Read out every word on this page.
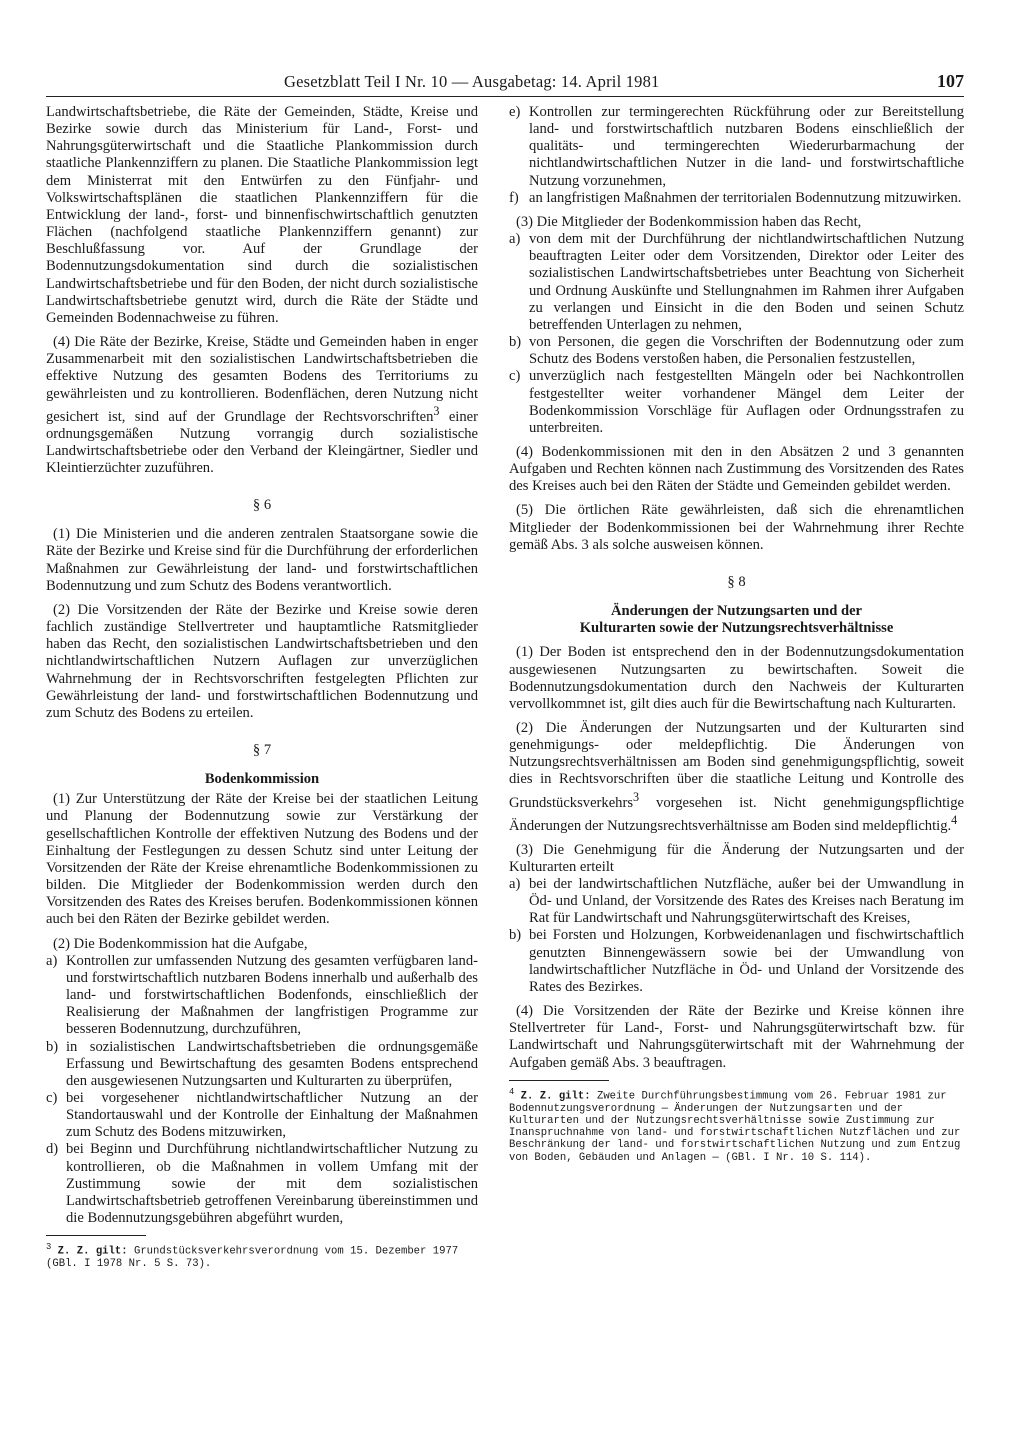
Gesetzblatt Teil I Nr. 10 — Ausgabetag: 14. April 1981	107

Landwirtschaftsbetriebe, die Räte der Gemeinden, Städte, Kreise und Bezirke sowie durch das Ministerium für Land-, Forst- und Nahrungsgüterwirtschaft und die Staatliche Plankommission durch staatliche Plankennziffern zu planen. Die Staatliche Plankommission legt dem Ministerrat mit den Entwürfen zu den Fünfjahr- und Volkswirtschaftsplänen die staatlichen Plankennziffern für die Entwicklung der land-, forst- und binnenfischwirtschaftlich genutzten Flächen (nachfolgend staatliche Plankennziffern genannt) zur Beschlußfassung vor. Auf der Grundlage der Bodennutzungsdokumentation sind durch die sozialistischen Landwirtschaftsbetriebe und für den Boden, der nicht durch sozialistische Landwirtschaftsbetriebe genutzt wird, durch die Räte der Städte und Gemeinden Bodennachweise zu führen.

(4) Die Räte der Bezirke, Kreise, Städte und Gemeinden haben in enger Zusammenarbeit mit den sozialistischen Landwirtschaftsbetrieben die effektive Nutzung des gesamten Bodens des Territoriums zu gewährleisten und zu kontrollieren. Bodenflächen, deren Nutzung nicht gesichert ist, sind auf der Grundlage der Rechtsvorschriften$^3$ einer ordnungsgemäßen Nutzung vorrangig durch sozialistische Landwirtschaftsbetriebe oder den Verband der Kleingärtner, Siedler und Kleintierzüchter zuzuführen.

§ 6

(1) Die Ministerien und die anderen zentralen Staatsorgane sowie die Räte der Bezirke und Kreise sind für die Durchführung der erforderlichen Maßnahmen zur Gewährleistung der land- und forstwirtschaftlichen Bodennutzung und zum Schutz des Bodens verantwortlich.

(2) Die Vorsitzenden der Räte der Bezirke und Kreise sowie deren fachlich zuständige Stellvertreter und hauptamtliche Ratsmitglieder haben das Recht, den sozialistischen Landwirtschaftsbetrieben und den nichtlandwirtschaftlichen Nutzern Auflagen zur unverzüglichen Wahrnehmung der in Rechtsvorschriften festgelegten Pflichten zur Gewährleistung der land- und forstwirtschaftlichen Bodennutzung und zum Schutz des Bodens zu erteilen.

§ 7

Bodenkommission

(1) Zur Unterstützung der Räte der Kreise bei der staatlichen Leitung und Planung der Bodennutzung sowie zur Verstärkung der gesellschaftlichen Kontrolle der effektiven Nutzung des Bodens und der Einhaltung der Festlegungen zu dessen Schutz sind unter Leitung der Vorsitzenden der Räte der Kreise ehrenamtliche Bodenkommissionen zu bilden. Die Mitglieder der Bodenkommission werden durch den Vorsitzenden des Rates des Kreises berufen. Bodenkommissionen können auch bei den Räten der Bezirke gebildet werden.

(2) Die Bodenkommission hat die Aufgabe,

a) Kontrollen zur umfassenden Nutzung des gesamten verfügbaren land- und forstwirtschaftlich nutzbaren Bodens innerhalb und außerhalb des land- und forstwirtschaftlichen Bodenfonds, einschließlich der Realisierung der Maßnahmen der langfristigen Programme zur besseren Bodennutzung, durchzuführen,
b) in sozialistischen Landwirtschaftsbetrieben die ordnungsgemäße Erfassung und Bewirtschaftung des gesamten Bodens entsprechend den ausgewiesenen Nutzungsarten und Kulturarten zu überprüfen,
c) bei vorgesehener nichtlandwirtschaftlicher Nutzung an der Standortauswahl und der Kontrolle der Einhaltung der Maßnahmen zum Schutz des Bodens mitzuwirken,
d) bei Beginn und Durchführung nichtlandwirtschaftlicher Nutzung zu kontrollieren, ob die Maßnahmen in vollem Umfang mit der Zustimmung sowie der mit dem sozialistischen Landwirtschaftsbetrieb getroffenen Vereinbarung übereinstimmen und die Bodennutzungsgebühren abgeführt wurden,

$^3$ Z. Z. gilt: Grundstücksverkehrsverordnung vom 15. Dezember 1977 (GBl. I 1978 Nr. 5 S. 73).

e) Kontrollen zur termingerechten Rückführung oder zur Bereitstellung land- und forstwirtschaftlich nutzbaren Bodens einschließlich der qualitäts- und termingerechten Wiederurbarmachung der nichtlandwirtschaftlichen Nutzer in die land- und forstwirtschaftliche Nutzung vorzunehmen,
f) an langfristigen Maßnahmen der territorialen Bodennutzung mitzuwirken.

(3) Die Mitglieder der Bodenkommission haben das Recht,

a) von dem mit der Durchführung der nichtlandwirtschaftlichen Nutzung beauftragten Leiter oder dem Vorsitzenden, Direktor oder Leiter des sozialistischen Landwirtschaftsbetriebes unter Beachtung von Sicherheit und Ordnung Auskünfte und Stellungnahmen im Rahmen ihrer Aufgaben zu verlangen und Einsicht in die den Boden und seinen Schutz betreffenden Unterlagen zu nehmen,
b) von Personen, die gegen die Vorschriften der Bodennutzung oder zum Schutz des Bodens verstoßen haben, die Personalien festzustellen,
c) unverzüglich nach festgestellten Mängeln oder bei Nachkontrollen festgestellter weiter vorhandener Mängel dem Leiter der Bodenkommission Vorschläge für Auflagen oder Ordnungsstrafen zu unterbreiten.

(4) Bodenkommissionen mit den in den Absätzen 2 und 3 genannten Aufgaben und Rechten können nach Zustimmung des Vorsitzenden des Rates des Kreises auch bei den Räten der Städte und Gemeinden gebildet werden.

(5) Die örtlichen Räte gewährleisten, daß sich die ehrenamtlichen Mitglieder der Bodenkommissionen bei der Wahrnehmung ihrer Rechte gemäß Abs. 3 als solche ausweisen können.

§ 8

Änderungen der Nutzungsarten und der

Kulturarten sowie der Nutzungsrechtsverhältnisse

(1) Der Boden ist entsprechend den in der Bodennutzungsdokumentation ausgewiesenen Nutzungsarten zu bewirtschaften. Soweit die Bodennutzungsdokumentation durch den Nachweis der Kulturarten vervollkommnet ist, gilt dies auch für die Bewirtschaftung nach Kulturarten.

(2) Die Änderungen der Nutzungsarten und der Kulturarten sind genehmigungs- oder meldepflichtig. Die Änderungen von Nutzungsrechtsverhältnissen am Boden sind genehmigungspflichtig, soweit dies in Rechtsvorschriften über die staatliche Leitung und Kontrolle des Grundstücksverkehrs$^3$ vorgesehen ist. Nicht genehmigungspflichtige Änderungen der Nutzungsrechtsverhältnisse am Boden sind meldepflichtig.$^4$

(3) Die Genehmigung für die Änderung der Nutzungsarten und der Kulturarten erteilt

a) bei der landwirtschaftlichen Nutzfläche, außer bei der Umwandlung in Öd- und Unland, der Vorsitzende des Rates des Kreises nach Beratung im Rat für Landwirtschaft und Nahrungsgüterwirtschaft des Kreises,
b) bei Forsten und Holzungen, Korbweidenanlagen und fischwirtschaftlich genutzten Binnengewässern sowie bei der Umwandlung von landwirtschaftlicher Nutzfläche in Öd- und Unland der Vorsitzende des Rates des Bezirkes.

(4) Die Vorsitzenden der Räte der Bezirke und Kreise können ihre Stellvertreter für Land-, Forst- und Nahrungsgüterwirtschaft bzw. für Landwirtschaft und Nahrungsgüterwirtschaft mit der Wahrnehmung der Aufgaben gemäß Abs. 3 beauftragen.

$^4$ Z. Z. gilt: Zweite Durchführungsbestimmung vom 26. Februar 1981 zur Bodennutzungsverordnung — Änderungen der Nutzungsarten und der Kulturarten und der Nutzungsrechtsverhältnisse sowie Zustimmung zur Inanspruchnahme von land- und forstwirtschaftlichen Nutzflächen und zur Beschränkung der land- und forstwirtschaftlichen Nutzung und zum Entzug von Boden, Gebäuden und Anlagen — (GBl. I Nr. 10 S. 114).
